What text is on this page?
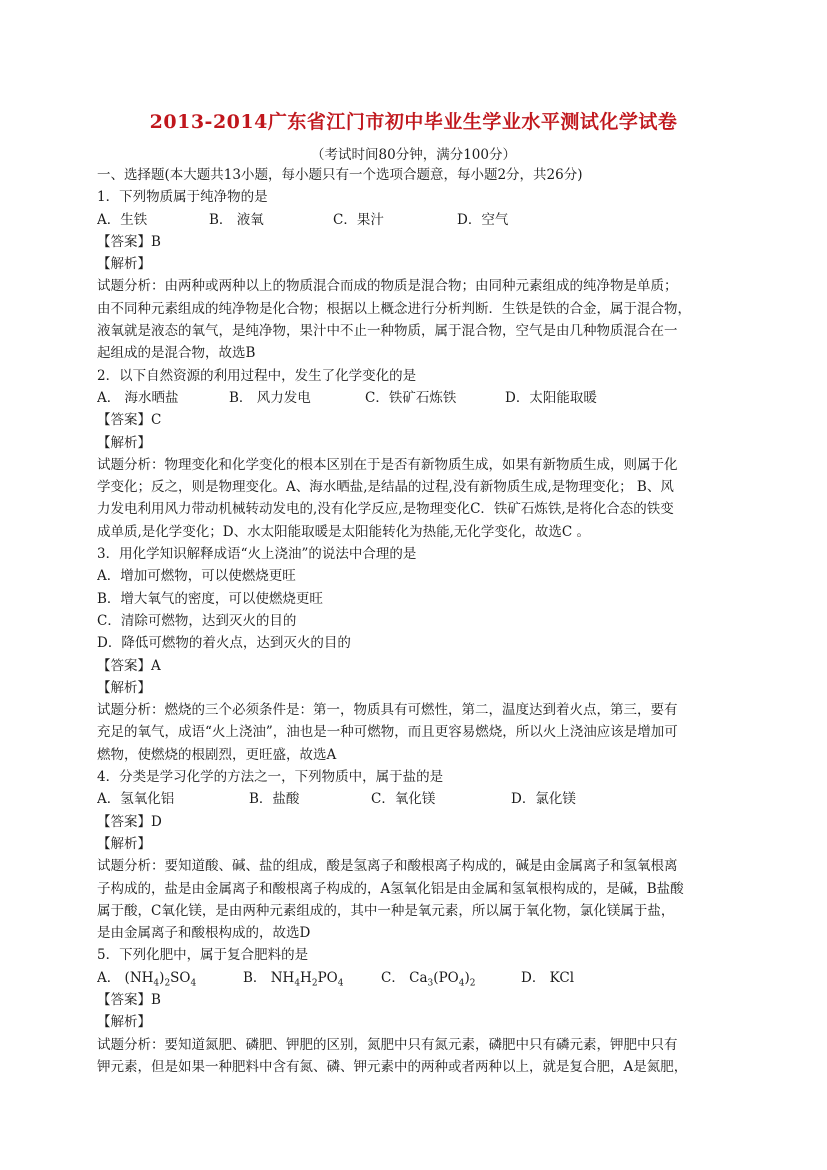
2013-2014广东省江门市初中毕业生学业水平测试化学试卷
（考试时间80分钟，满分100分）
一、选择题(本大题共13小题，每小题只有一个选项合题意，每小题2分，共26分)
1．下列物质属于纯净物的是
A．生铁	B． 液氧	C．果汁	D．空气
【答案】B
【解析】
试题分析：由两种或两种以上的物质混合而成的物质是混合物；由同种元素组成的纯净物是单质；
由不同种元素组成的纯净物是化合物；根据以上概念进行分析判断．生铁是铁的合金，属于混合物，
液氧就是液态的氧气，是纯净物，果汁中不止一种物质，属于混合物，空气是由几种物质混合在一
起组成的是混合物，故选B
2．以下自然资源的利用过程中，发生了化学变化的是
A． 海水晒盐	B． 风力发电	C．铁矿石炼铁	D．太阳能取暖
【答案】C
【解析】
试题分析：物理变化和化学变化的根本区别在于是否有新物质生成，如果有新物质生成，则属于化
学变化；反之，则是物理变化。A、海水晒盐,是结晶的过程,没有新物质生成,是物理变化； B、风
力发电利用风力带动机械转动发电的,没有化学反应,是物理变化C．铁矿石炼铁,是将化合态的铁变
成单质,是化学变化；D、水太阳能取暖是太阳能转化为热能,无化学变化，故选C 。
3．用化学知识解释成语“火上浇油”的说法中合理的是
A．增加可燃物，可以使燃烧更旺
B．增大氧气的密度，可以使燃烧更旺
C．清除可燃物，达到灭火的目的
D．降低可燃物的着火点，达到灭火的目的
【答案】A
【解析】
试题分析：燃烧的三个必须条件是：第一，物质具有可燃性，第二，温度达到着火点，第三，要有
充足的氧气，成语“火上浇油”，油也是一种可燃物，而且更容易燃烧，所以火上浇油应该是增加可
燃物，使燃烧的根剧烈，更旺盛，故选A
4．分类是学习化学的方法之一，下列物质中，属于盐的是
A．氢氧化铝	B．盐酸	C．氧化镁	D．氯化镁
【答案】D
【解析】
试题分析：要知道酸、碱、盐的组成，酸是氢离子和酸根离子构成的，碱是由金属离子和氢氧根离
子构成的，盐是由金属离子和酸根离子构成的，A氢氧化铝是由金属和氢氧根构成的，是碱，B盐酸
属于酸，C氧化镁，是由两种元素组成的，其中一种是氧元素，所以属于氧化物，氯化镁属于盐，
是由金属离子和酸根构成的，故选D
5．下列化肥中，属于复合肥料的是
A． $(NH_4)_2SO_4$	B． $NH_4H_2PO_4$	C． $Ca_3(PO_4)_2$	D． KCl
【答案】B
【解析】
试题分析：要知道氮肥、磷肥、钾肥的区别，氮肥中只有氮元素，磷肥中只有磷元素，钾肥中只有
钾元素，但是如果一种肥料中含有氮、磷、钾元素中的两种或者两种以上，就是复合肥，A是氮肥，
